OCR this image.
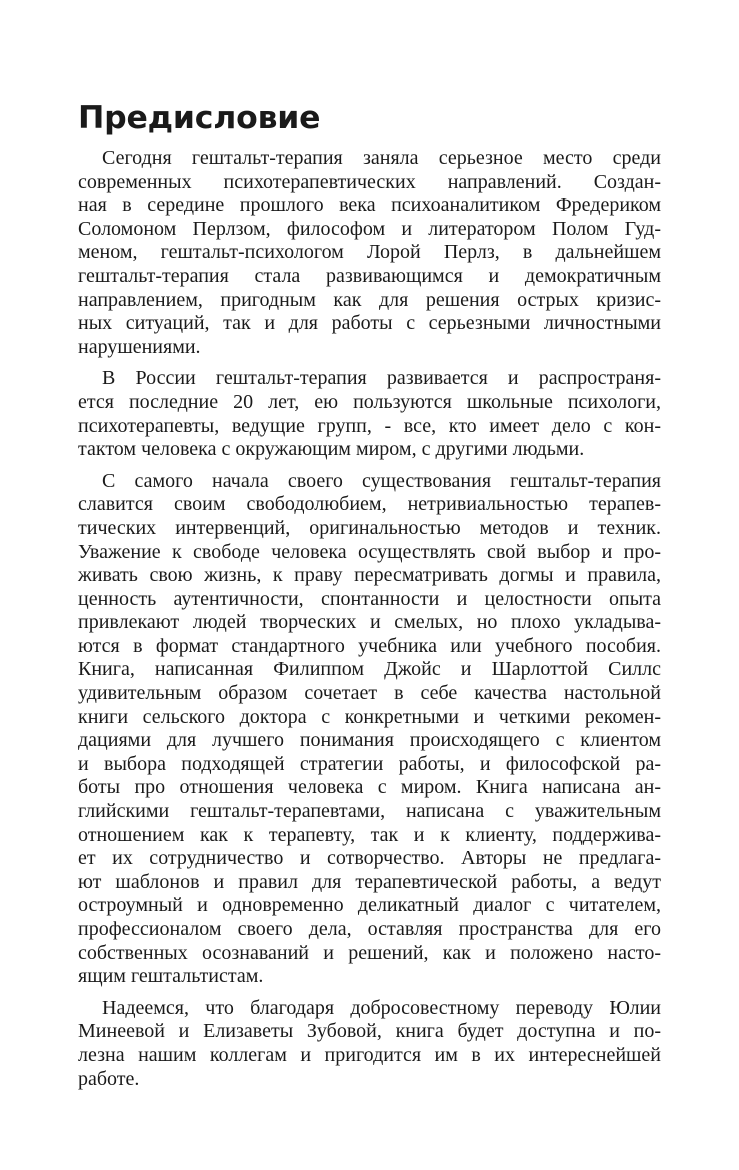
Предисловие

Сегодня гештальт-терапия заняла серьезное место среди
современных психотерапевтических направлений. Создан-
ная в середине прошлого века психоаналитиком Фредериком
Соломоном Перлзом, философом и литератором Полом Гуд-
меном, гештальт-психологом Лорой Перлз, в дальнейшем
гештальт-терапия стала развивающимся и демократичным
направлением, пригодным как для решения острых кризис-
ных ситуаций, так и для работы с серьезными личностными
нарушениями.

В России гештальт-терапия развивается и распространя-
ется последние 20 лет, ею пользуются школьные психологи,
психотерапевты, ведущие групп, - все, кто имеет дело с кон-
тактом человека с окружающим миром, с другими людьми.

С самого начала своего существования гештальт-терапия
славится своим свободолюбием, нетривиальностью терапев-
тических интервенций, оригинальностью методов и техник.
Уважение к свободе человека осуществлять свой выбор и про-
живать свою жизнь, к праву пересматривать догмы и правила,
ценность аутентичности, спонтанности и целостности опыта
привлекают людей творческих и смелых, но плохо укладыва-
ются в формат стандартного учебника или учебного пособия.
Книга, написанная Филиппом Джойс и Шарлоттой Силлс
удивительным образом сочетает в себе качества настольной
книги сельского доктора с конкретными и четкими рекомен-
дациями для лучшего понимания происходящего с клиентом
и выбора подходящей стратегии работы, и философской ра-
боты про отношения человека с миром. Книга написана ан-
глийскими гештальт-терапевтами, написана с уважительным
отношением как к терапевту, так и к клиенту, поддержива-
ет их сотрудничество и сотворчество. Авторы не предлага-
ют шаблонов и правил для терапевтической работы, а ведут
остроумный и одновременно деликатный диалог с читателем,
профессионалом своего дела, оставляя пространства для его
собственных осознаваний и решений, как и положено насто-
ящим гештальтистам.

Надеемся, что благодаря добросовестному переводу Юлии
Минеевой и Елизаветы Зубовой, книга будет доступна и по-
лезна нашим коллегам и пригодится им в их интереснейшей
работе.
